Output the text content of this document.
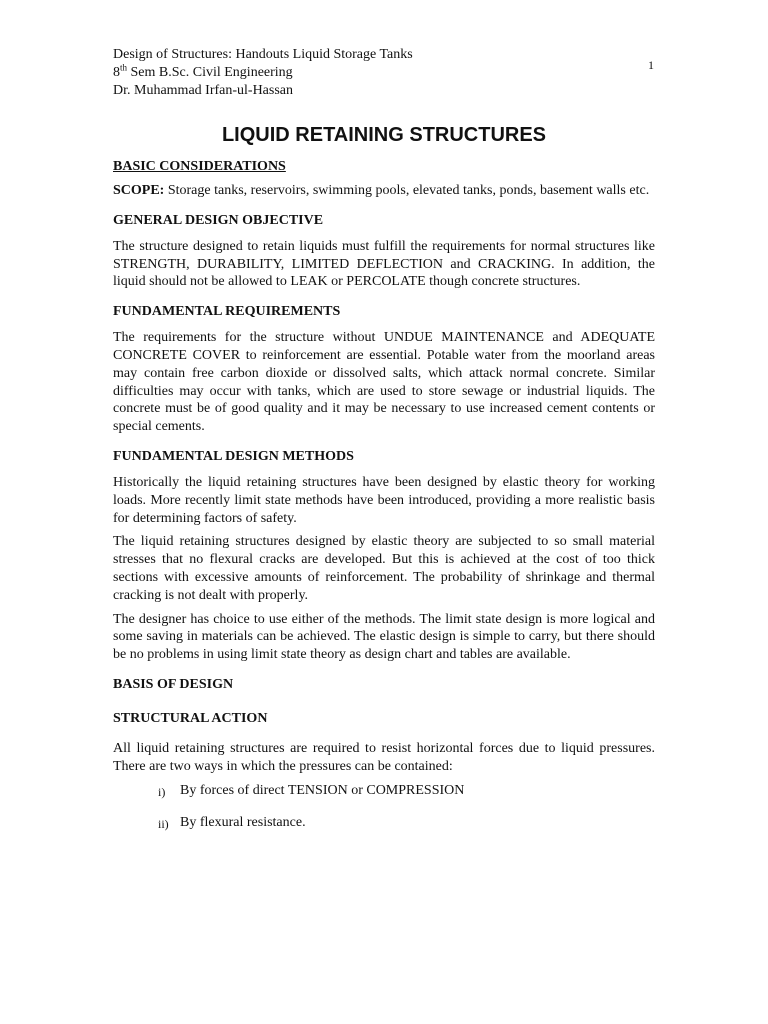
Design of Structures: Handouts Liquid Storage Tanks
8th Sem B.Sc. Civil Engineering
Dr. Muhammad Irfan-ul-Hassan
1
LIQUID RETAINING STRUCTURES
BASIC CONSIDERATIONS

SCOPE: Storage tanks, reservoirs, swimming pools, elevated tanks, ponds, basement walls etc.

GENERAL DESIGN OBJECTIVE

The structure designed to retain liquids must fulfill the requirements for normal structures like STRENGTH, DURABILITY, LIMITED DEFLECTION and CRACKING. In addition, the liquid should not be allowed to LEAK or PERCOLATE though concrete structures.

FUNDAMENTAL REQUIREMENTS

The requirements for the structure without UNDUE MAINTENANCE and ADEQUATE CONCRETE COVER to reinforcement are essential. Potable water from the moorland areas may contain free carbon dioxide or dissolved salts, which attack normal concrete. Similar difficulties may occur with tanks, which are used to store sewage or industrial liquids. The concrete must be of good quality and it may be necessary to use increased cement contents or special cements.

FUNDAMENTAL DESIGN METHODS

Historically the liquid retaining structures have been designed by elastic theory for working loads. More recently limit state methods have been introduced, providing a more realistic basis for determining factors of safety.

The liquid retaining structures designed by elastic theory are subjected to so small material stresses that no flexural cracks are developed. But this is achieved at the cost of too thick sections with excessive amounts of reinforcement. The probability of shrinkage and thermal cracking is not dealt with properly.

The designer has choice to use either of the methods. The limit state design is more logical and some saving in materials can be achieved. The elastic design is simple to carry, but there should be no problems in using limit state theory as design chart and tables are available.

BASIS OF DESIGN
STRUCTURAL ACTION

All liquid retaining structures are required to resist horizontal forces due to liquid pressures. There are two ways in which the pressures can be contained:

i) By forces of direct TENSION or COMPRESSION
ii) By flexural resistance.
